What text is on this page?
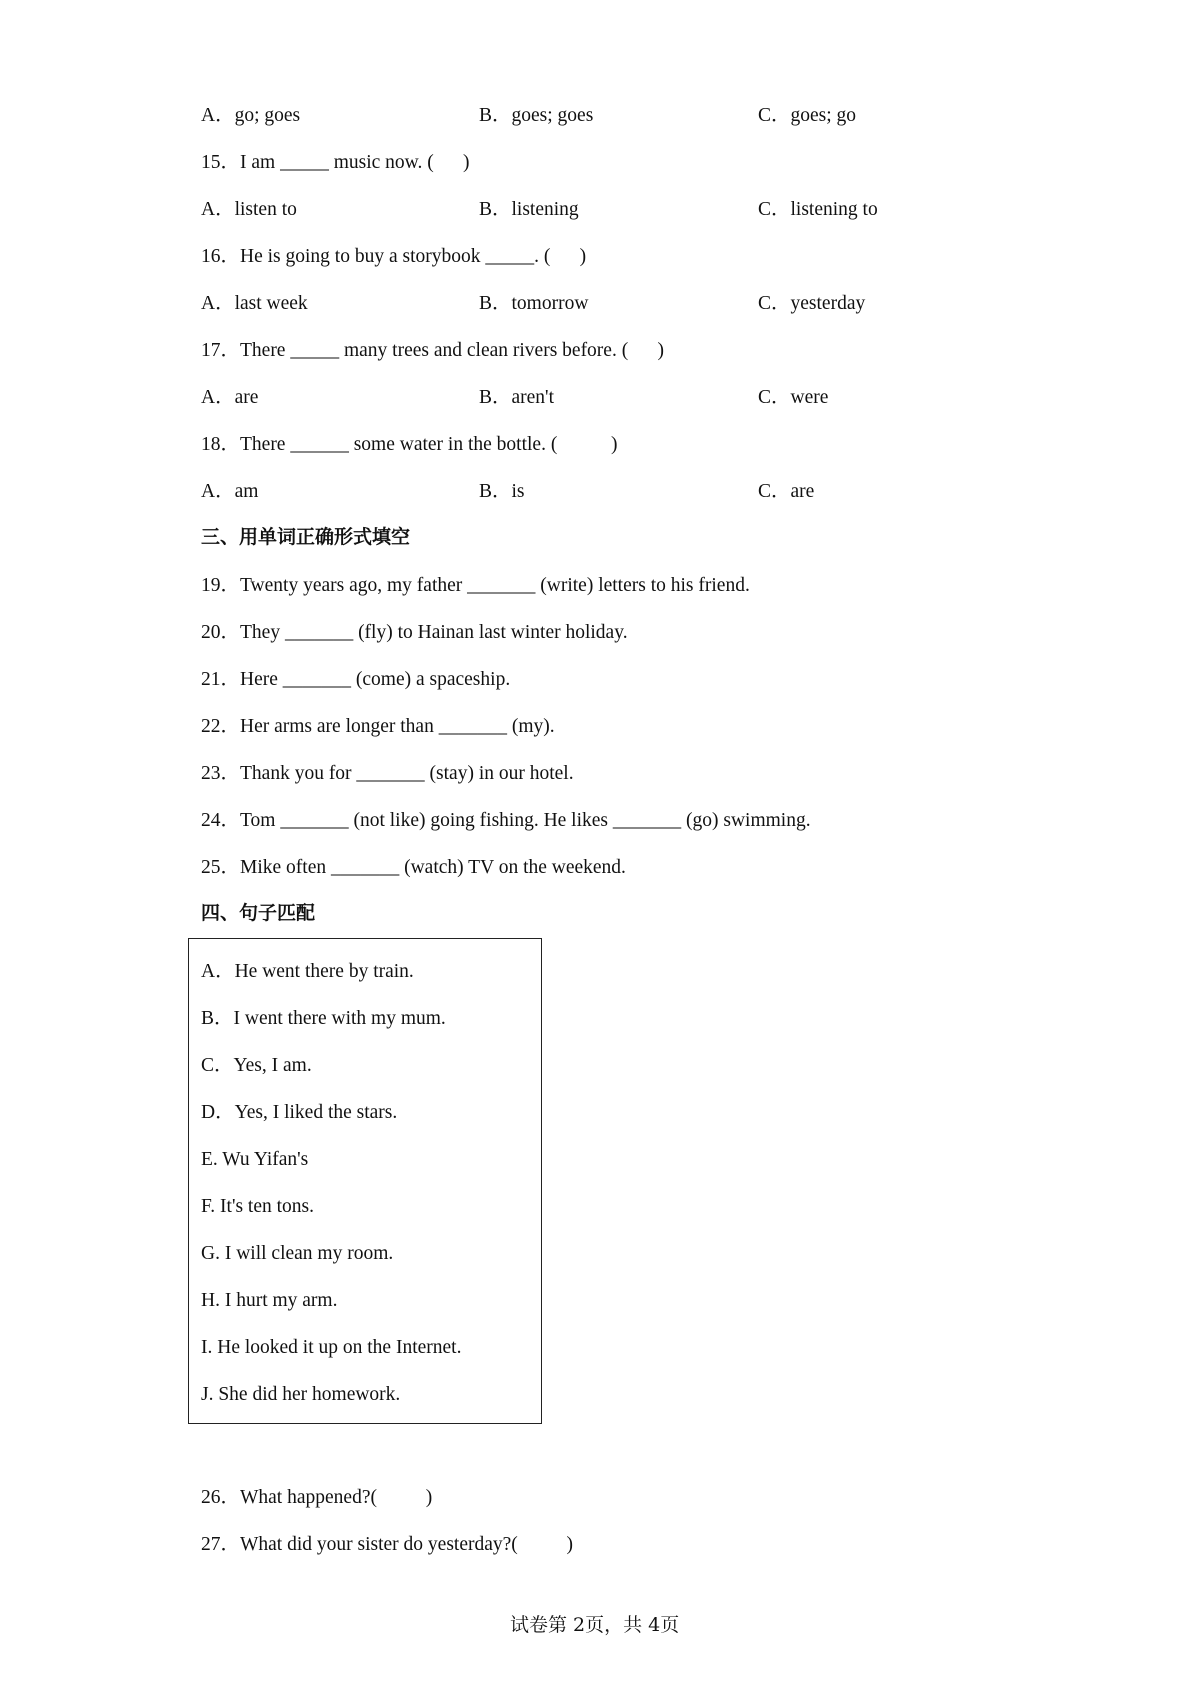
A．go; goes	B．goes; goes	C．goes; go
15．I am _____ music now. (      )
A．listen to	B．listening	C．listening to
16．He is going to buy a storybook _____. (      )
A．last week	B．tomorrow	C．yesterday
17．There _____ many trees and clean rivers before. (      )
A．are	B．aren't	C．were
18．There ______ some water in the bottle. (           )
A．am	B．is	C．are
三、用单词正确形式填空
19．Twenty years ago, my father _______ (write) letters to his friend.
20．They _______ (fly) to Hainan last winter holiday.
21．Here _______ (come) a spaceship.
22．Her arms are longer than _______ (my).
23．Thank you for _______ (stay) in our hotel.
24．Tom _______ (not like) going fishing. He likes _______ (go) swimming.
25．Mike often _______ (watch) TV on the weekend.
四、句子匹配
A．He went there by train.
B．I went there with my mum.
C．Yes, I am.
D．Yes, I liked the stars.
E. Wu Yifan's
F. It's ten tons.
G. I will clean my room.
H. I hurt my arm.
I. He looked it up on the Internet.
J. She did her homework.
26．What happened?(          )
27．What did your sister do yesterday?(          )
试卷第 2页，共 4页
